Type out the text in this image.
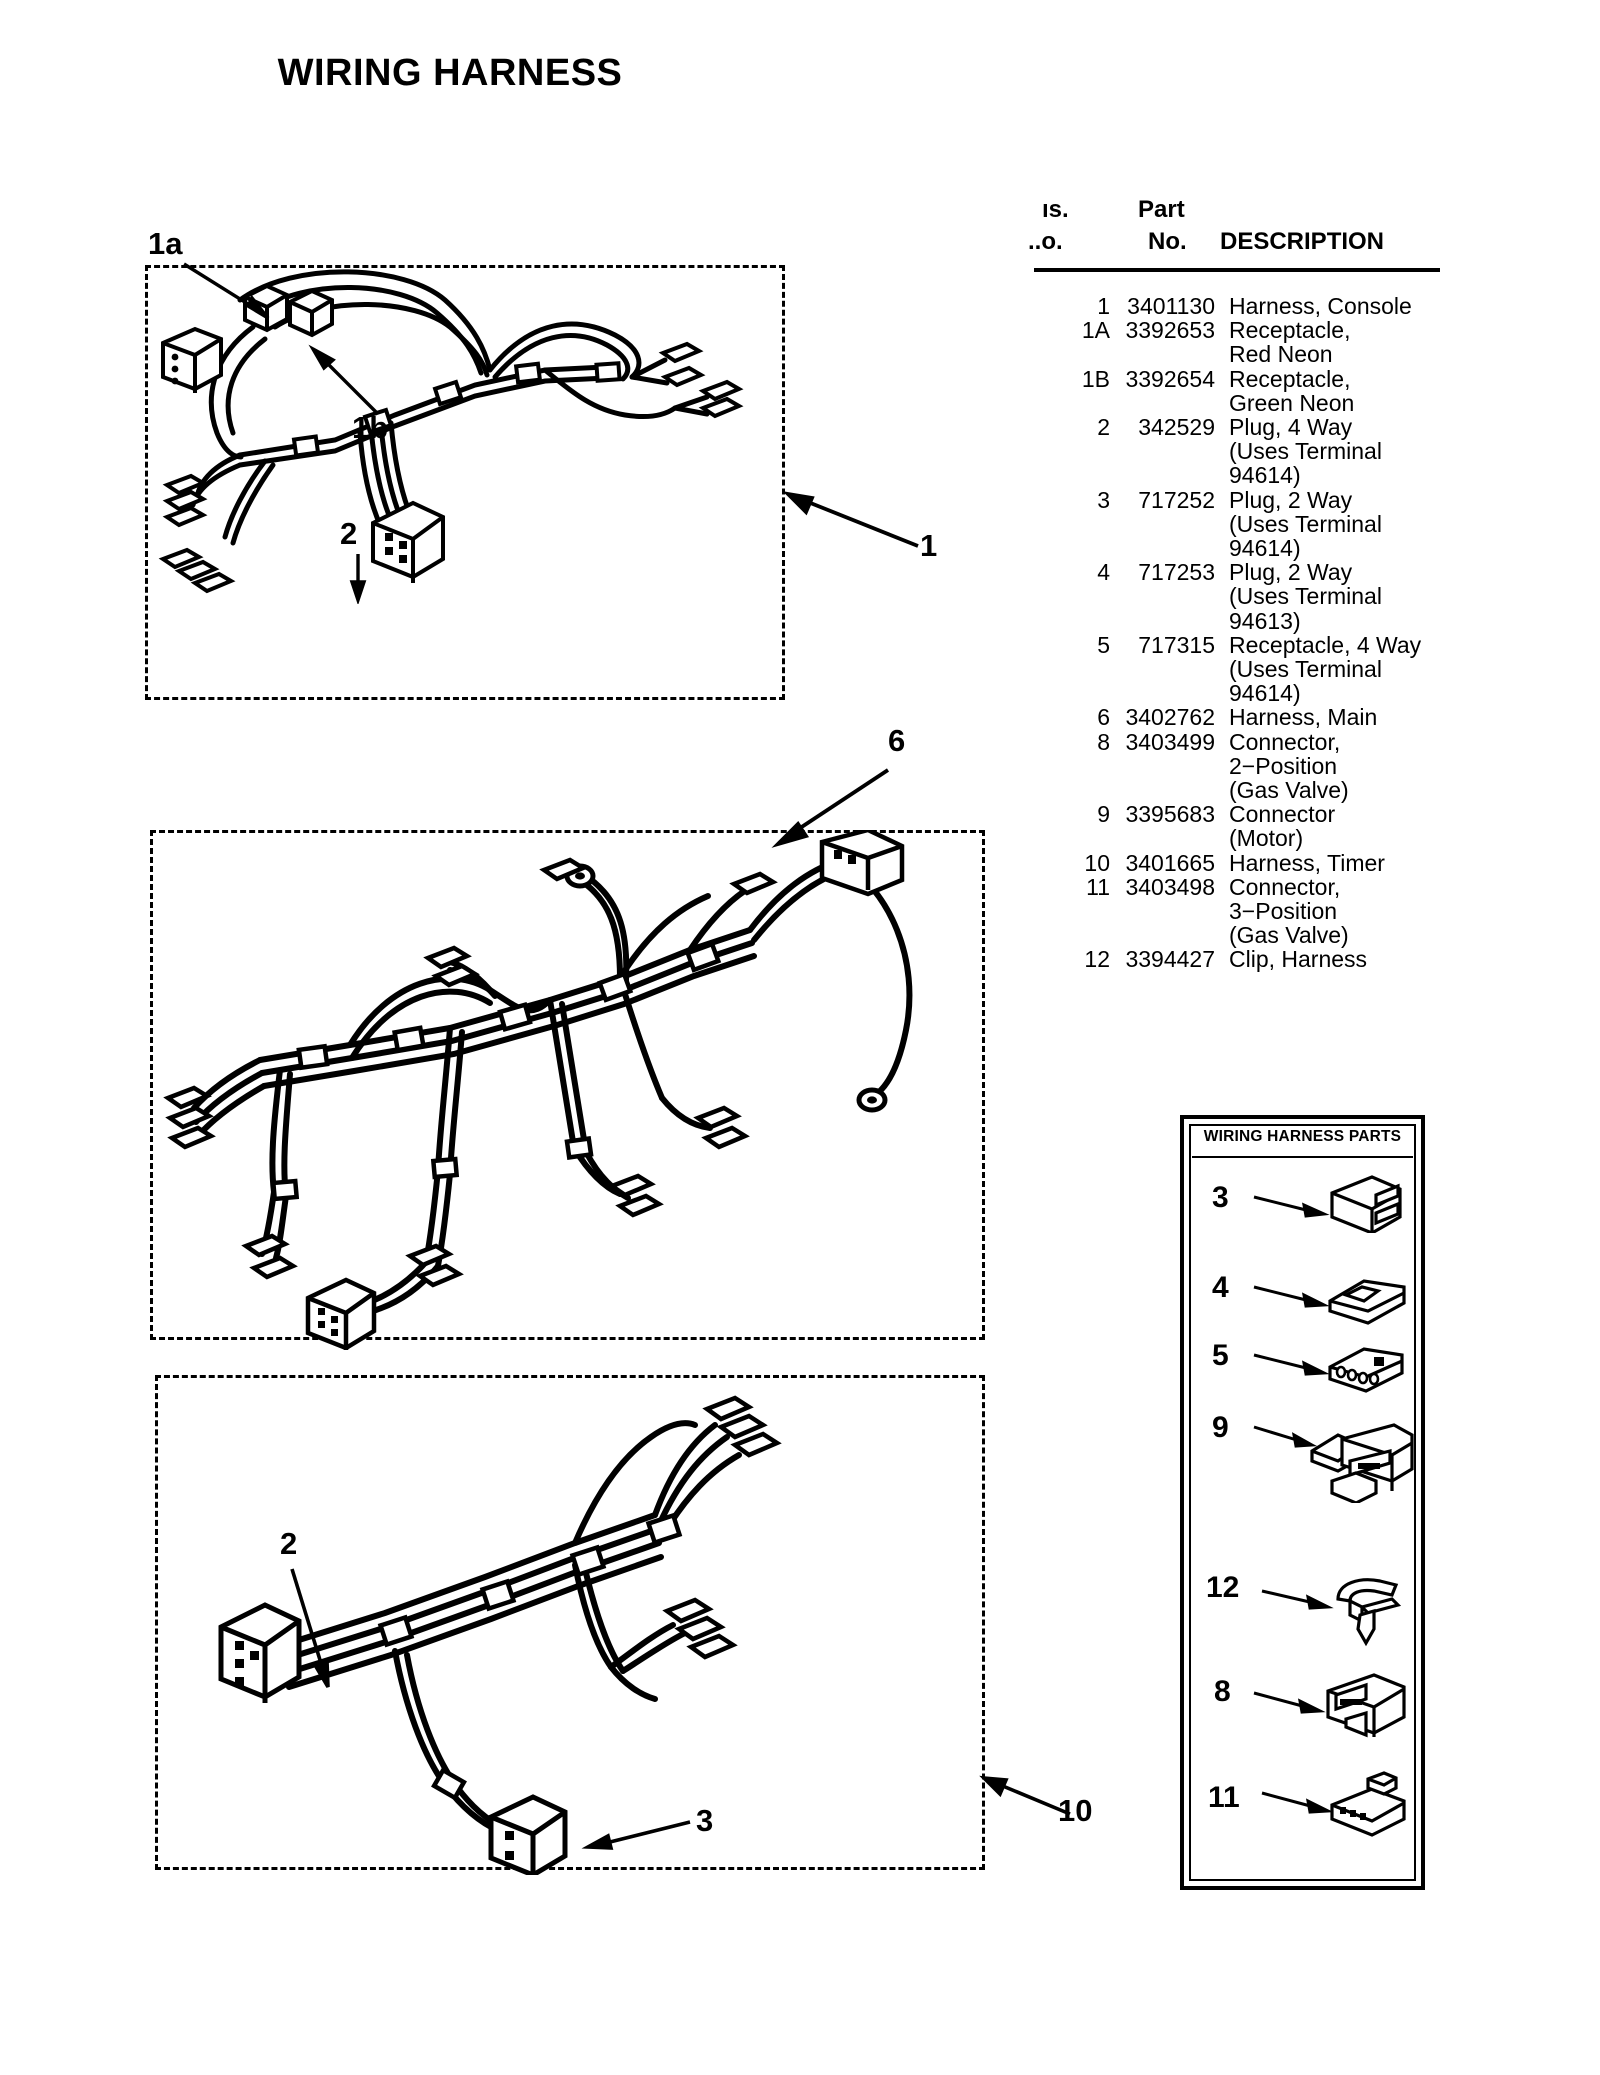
WIRING HARNESS
1a
1b
2	1
6
2
3	10
ıs.
..o.
Part
No. DESCRIPTION
1 3401130 Harness, Console
1A 3392653 Receptacle,
Red Neon
1B 3392654 Receptacle,
Green Neon
2	342529 Plug, 4 Way
(Uses Terminal
94614)
3	717252 Plug, 2 Way
(Uses Terminal
94614)
4	717253 Plug, 2 Way
(Uses Terminal
94613)
5	717315 Receptacle, 4 Way
(Uses Terminal
94614)
6 3402762 Harness, Main
8 3403499 Connector,
2−Position
(Gas Valve)
9 3395683 Connector
(Motor)
10 3401665 Harness, Timer
11 3403498 Connector,
3−Position
(Gas Valve)
12 3394427 Clip, Harness
WIRING HARNESS PARTS
3
4
5
9
12
8
11
